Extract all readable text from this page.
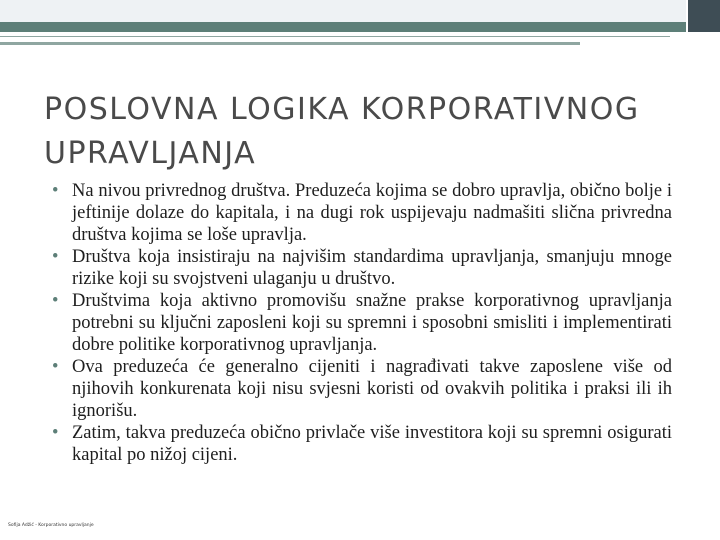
POSLOVNA LOGIKA KORPORATIVNOG UPRAVLJANJA
• Na nivou privrednog društva. Preduzeća kojima se dobro upravlja, obično bolje i jeftinije dolaze do kapitala, i na dugi rok uspijevaju nadmašiti slična privredna društva kojima se loše upravlja.
• Društva koja insistiraju na najvišim standardima upravljanja, smanjuju mnoge rizike koji su svojstveni ulaganju u društvo.
• Društvima koja aktivno promovišu snažne prakse korporativnog upravljanja potrebni su ključni zaposleni koji su spremni i sposobni smisliti i implementirati dobre politike korporativnog upravljanja.
• Ova preduzeća će generalno cijeniti i nagrađivati takve zaposlene više od njihovih konkurenata koji nisu svjesni koristi od ovakvih politika i praksi ili ih ignorišu.
• Zatim, takva preduzeća obično privlače više investitora koji su spremni osigurati kapital po nižoj cijeni.
Sofija Adžić - Korporativno upravljanje
